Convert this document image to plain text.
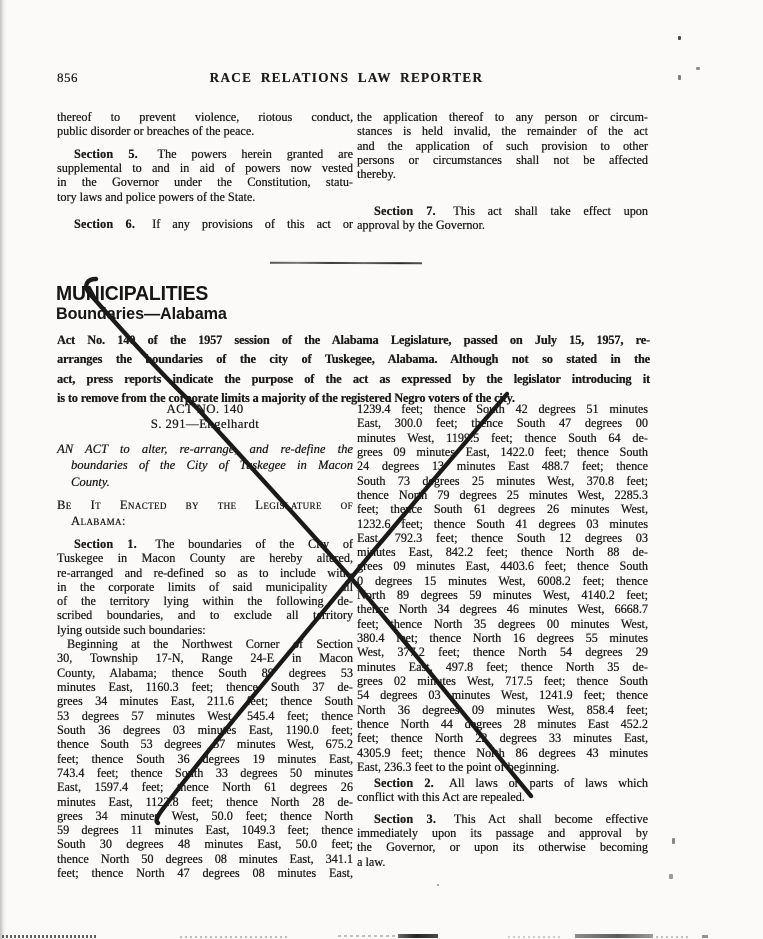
856	RACE RELATIONS LAW REPORTER
thereof to prevent violence, riotous conduct,
public disorder or breaches of the peace.
Section 5. The powers herein granted are
supplemental to and in aid of powers now vested
in the Governor under the Constitution, statu-
tory laws and police powers of the State.
Section 6. If any provisions of this act or
the application thereof to any person or circum-
stances is held invalid, the remainder of the act
and the application of such provision to other
persons or circumstances shall not be affected
thereby.
Section 7. This act shall take effect upon
approval by the Governor.
MUNICIPALITIES
Boundaries—Alabama
Act No. 140 of the 1957 session of the Alabama Legislature, passed on July 15, 1957, re-
arranges the boundaries of the city of Tuskegee, Alabama. Although not so stated in the
act, press reports indicate the purpose of the act as expressed by the legislator introducing it
is to remove from the corporate limits a majority of the registered Negro voters of the city.
ACT NO. 140
S. 291—Engelhardt
AN ACT to alter, re-arrange, and re-define the
boundaries of the City of Tuskegee in Macon
County.
Be It Enacted by the Legislature of
Alabama:
Section 1. The boundaries of the City of
Tuskegee in Macon County are hereby altered,
re-arranged and re-defined so as to include with-
in the corporate limits of said municipality all
of the territory lying within the following de-
scribed boundaries, and to exclude all territory
lying outside such boundaries:
Beginning at the Northwest Corner of Section
30, Township 17-N, Range 24-E in Macon
County, Alabama; thence South 89 degrees 53
minutes East, 1160.3 feet; thence South 37 de-
grees 34 minutes East, 211.6 feet; thence South
53 degrees 57 minutes West, 545.4 feet; thence
South 36 degrees 03 minutes East, 1190.0 feet;
thence South 53 degrees 57 minutes West, 675.2
feet; thence South 36 degrees 19 minutes East,
743.4 feet; thence South 33 degrees 50 minutes
East, 1597.4 feet; thence North 61 degrees 26
minutes East, 1122.8 feet; thence North 28 de-
grees 34 minutes West, 50.0 feet; thence North
59 degrees 11 minutes East, 1049.3 feet; thence
South 30 degrees 48 minutes East, 50.0 feet;
thence North 50 degrees 08 minutes East, 341.1
feet; thence North 47 degrees 08 minutes East,
1239.4 feet; thence South 42 degrees 51 minutes
East, 300.0 feet; thence South 47 degrees 00
minutes West, 1199.5 feet; thence South 64 de-
grees 09 minutes East, 1422.0 feet; thence South
24 degrees 13 minutes East 488.7 feet; thence
South 73 degrees 25 minutes West, 370.8 feet;
thence North 79 degrees 25 minutes West, 2285.3
feet; thence South 61 degrees 26 minutes West,
1232.6 feet; thence South 41 degrees 03 minutes
East, 792.3 feet; thence South 12 degrees 03
minutes East, 842.2 feet; thence North 88 de-
grees 09 minutes East, 4403.6 feet; thence South
0 degrees 15 minutes West, 6008.2 feet; thence
North 89 degrees 59 minutes West, 4140.2 feet;
thence North 34 degrees 46 minutes West, 6668.7
feet; thence North 35 degrees 00 minutes West,
380.4 feet; thence North 16 degrees 55 minutes
West, 377.2 feet; thence North 54 degrees 29
minutes East, 497.8 feet; thence North 35 de-
grees 02 minutes West, 717.5 feet; thence South
54 degrees 03 minutes West, 1241.9 feet; thence
North 36 degrees 09 minutes West, 858.4 feet;
thence North 44 degrees 28 minutes East 452.2
feet; thence North 22 degrees 33 minutes East,
4305.9 feet; thence North 86 degrees 43 minutes
East, 236.3 feet to the point of beginning.
Section 2. All laws or parts of laws which
conflict with this Act are repealed.
Section 3. This Act shall become effective
immediately upon its passage and approval by
the Governor, or upon its otherwise becoming
a law.
